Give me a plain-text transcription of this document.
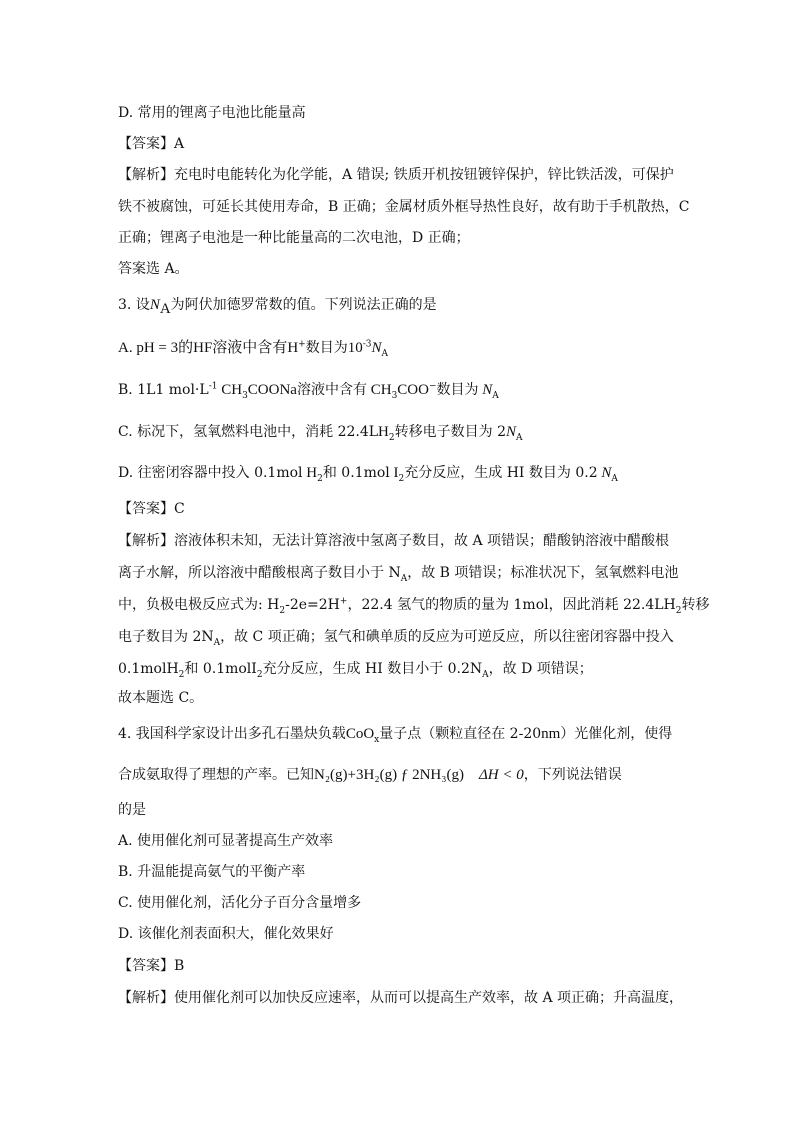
D. 常用的锂离子电池比能量高
【答案】A
【解析】充电时电能转化为化学能，A 错误; 铁质开机按钮镀锌保护，锌比铁活泼，可保护
铁不被腐蚀，可延长其使用寿命，B 正确；金属材质外框导热性良好，故有助于手机散热，C
正确；锂离子电池是一种比能量高的二次电池，D 正确；
答案选 A。
3. 设$N_A$为阿伏加德罗常数的值。下列说法正确的是
A. pH = 3的HF溶液中含有H+数目为$10^{-3}N_A$
B. 1L1 $mol\cdot L^{-1}$ $CH_3COONa$溶液中含有 $CH_3COO^-$数目为 $N_A$
C. 标况下，氢氧燃料电池中，消耗 $22.4LH_2$转移电子数目为 $2N_A$
D. 往密闭容器中投入 0.1mol $H_2$和 0.1mol $I_2$充分反应，生成 HI 数目为 0.2 $N_A$
【答案】C
【解析】溶液体积未知，无法计算溶液中氢离子数目，故 A 项错误；醋酸钠溶液中醋酸根
离子水解，所以溶液中醋酸根离子数目小于 $N_A$，故 B 项错误；标准状况下，氢氧燃料电池
中，负极电极反应式为: $H_2-2e=2H^+$，22.4 氢气的物质的量为 1mol，因此消耗 $22.4LH_2$转移
电子数目为 $2N_A$，故 C 项正确；氢气和碘单质的反应为可逆反应，所以往密闭容器中投入
0.1molH$_2$和 0.1molI$_2$充分反应，生成 HI 数目小于 $0.2N_A$，故 D 项错误；
故本题选 C。
4. 我国科学家设计出多孔石墨炔负载CoO$_x$量子点（颗粒直径在 2-20nm）光催化剂，使得
合成氨取得了理想的产率。已知N₂(g)+3H₂(g) ƒ 2NH₃(g) ΔH < 0，下列说法错误
的是
A. 使用催化剂可显著提高生产效率
B. 升温能提高氨气的平衡产率
C. 使用催化剂，活化分子百分含量增多
D. 该催化剂表面积大，催化效果好
【答案】B
【解析】使用催化剂可以加快反应速率，从而可以提高生产效率，故 A 项正确；升高温度，
